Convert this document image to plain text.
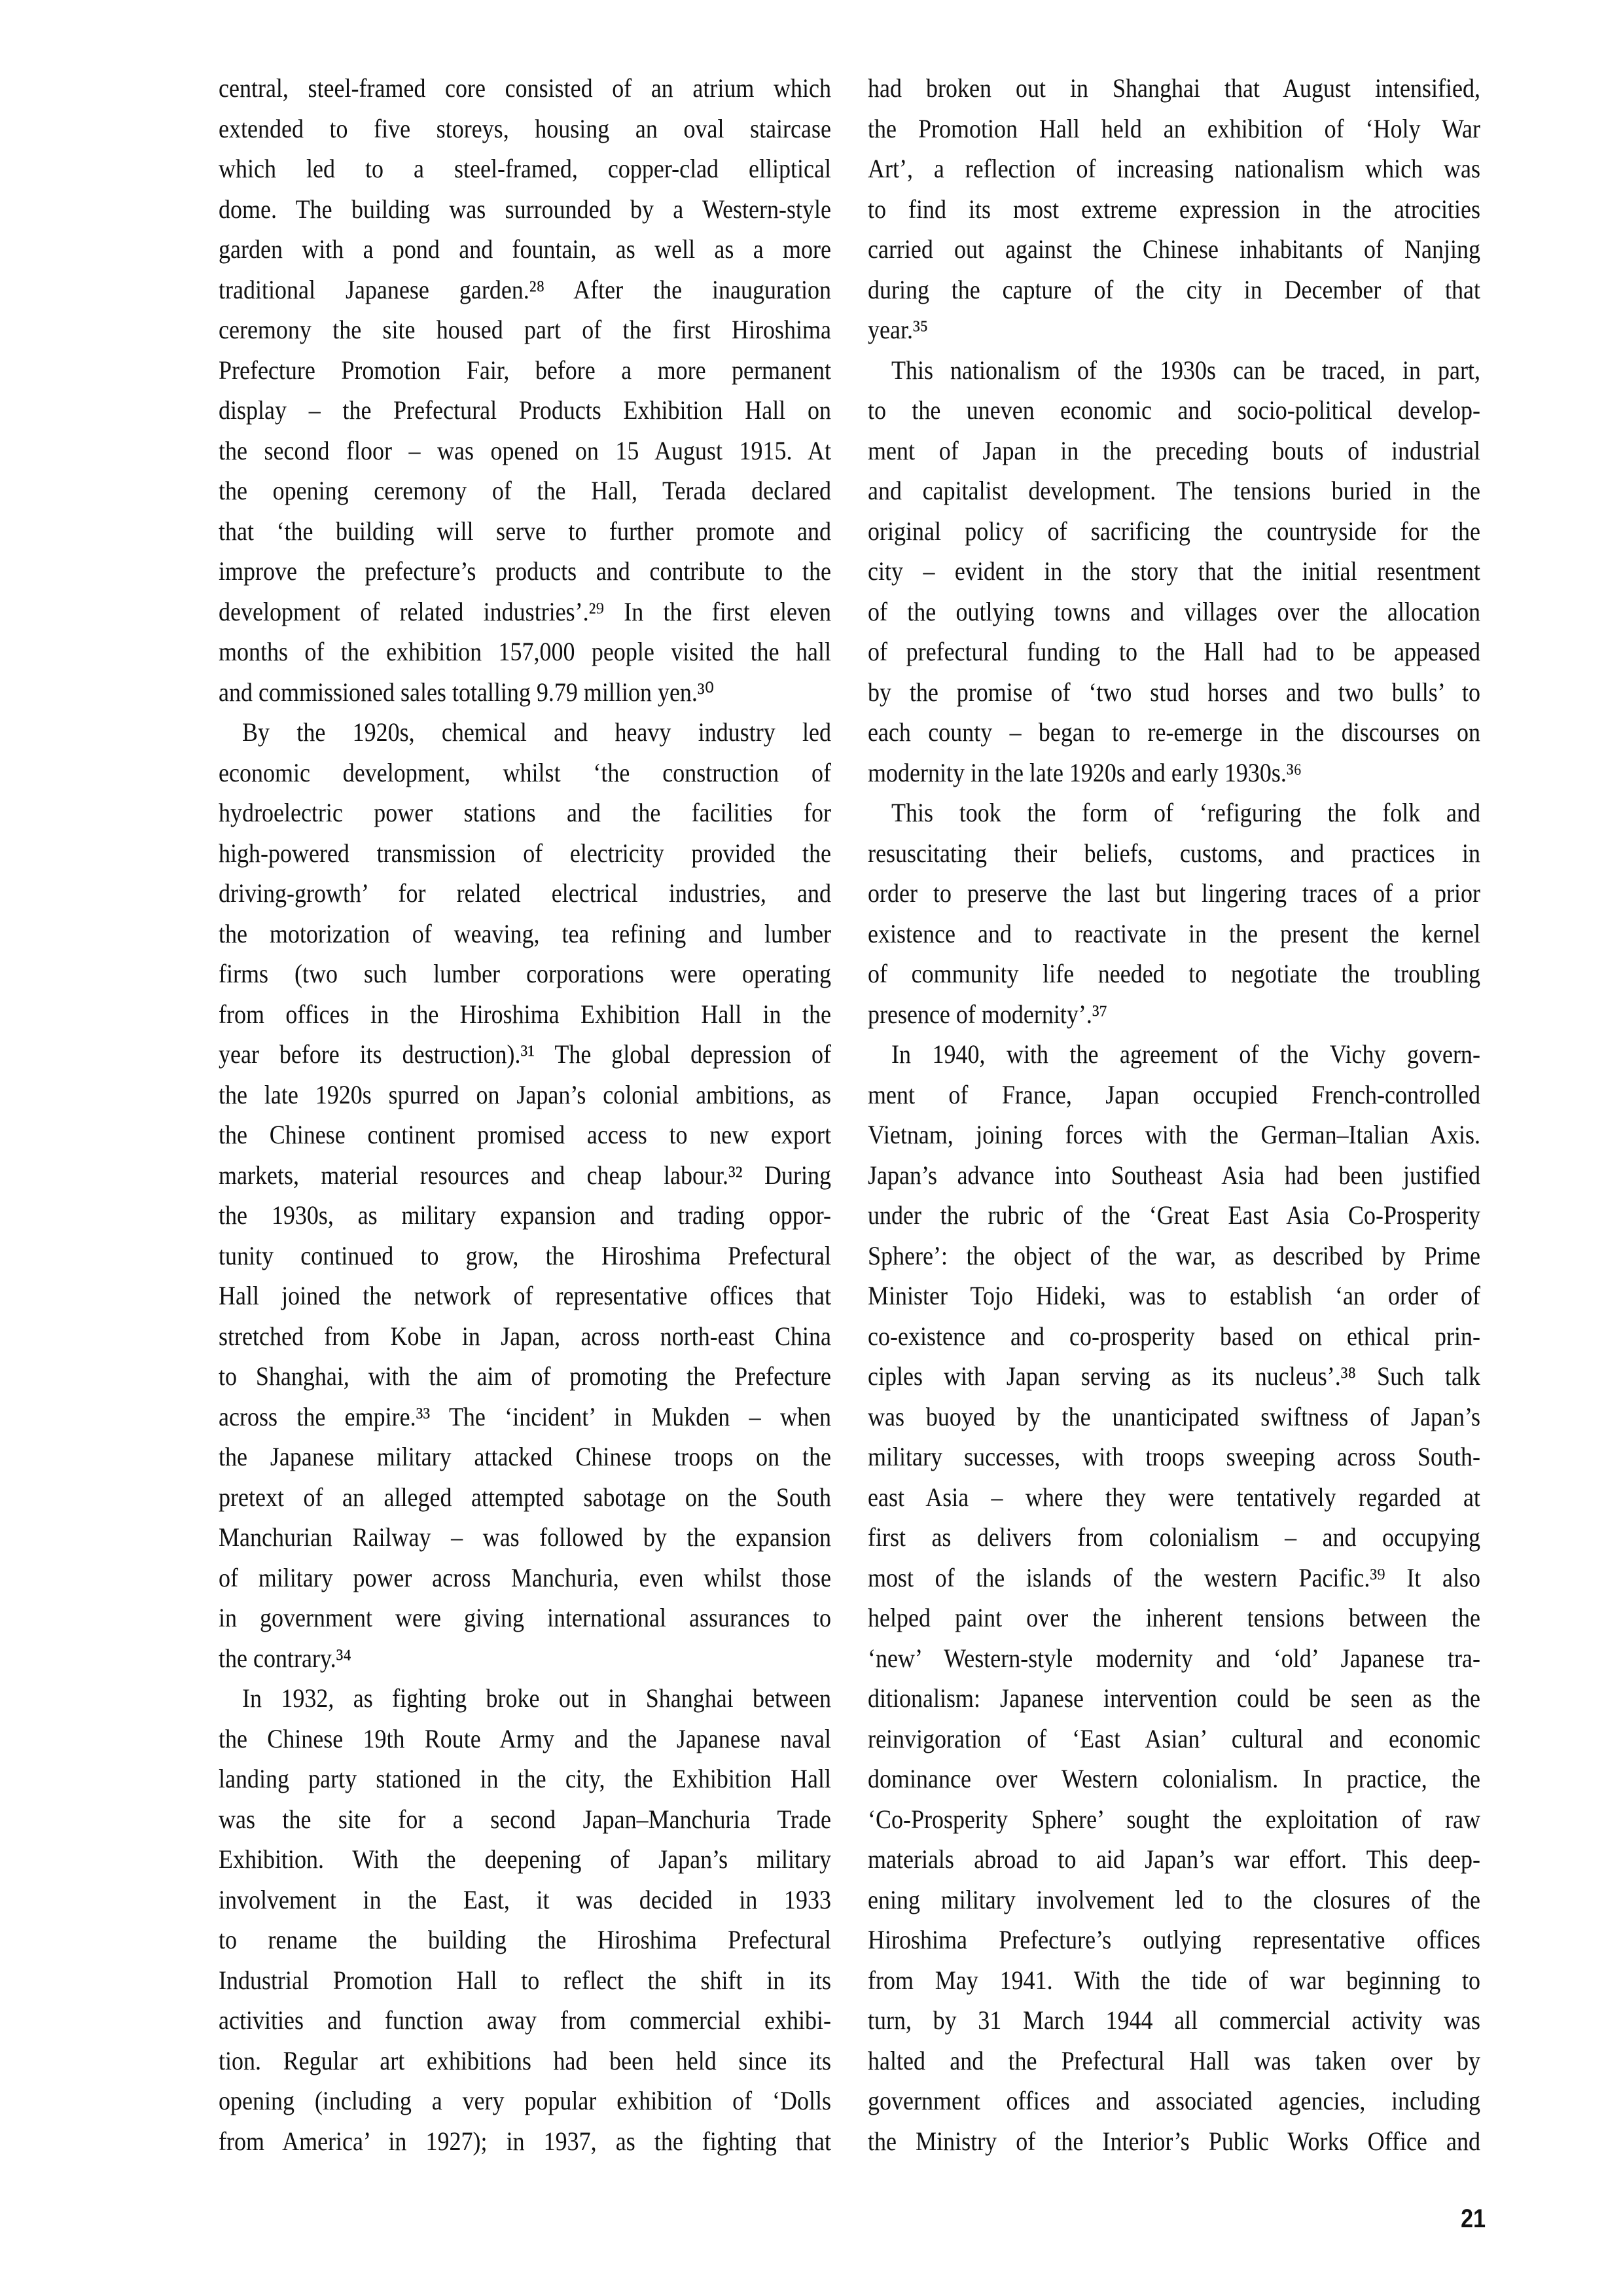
central, steel-framed core consisted of an atrium which
extended to five storeys, housing an oval staircase
which led to a steel-framed, copper-clad elliptical
dome. The building was surrounded by a Western-style
garden with a pond and fountain, as well as a more
traditional Japanese garden.²⁸ After the inauguration
ceremony the site housed part of the first Hiroshima
Prefecture Promotion Fair, before a more permanent
display – the Prefectural Products Exhibition Hall on
the second floor – was opened on 15 August 1915. At
the opening ceremony of the Hall, Terada declared
that ‘the building will serve to further promote and
improve the prefecture’s products and contribute to the
development of related industries’.²⁹ In the first eleven
months of the exhibition 157,000 people visited the hall
and commissioned sales totalling 9.79 million yen.³⁰
By the 1920s, chemical and heavy industry led
economic development, whilst ‘the construction of
hydroelectric power stations and the facilities for
high-powered transmission of electricity provided the
driving-growth’ for related electrical industries, and
the motorization of weaving, tea refining and lumber
firms (two such lumber corporations were operating
from offices in the Hiroshima Exhibition Hall in the
year before its destruction).³¹ The global depression of
the late 1920s spurred on Japan’s colonial ambitions, as
the Chinese continent promised access to new export
markets, material resources and cheap labour.³² During
the 1930s, as military expansion and trading oppor-
tunity continued to grow, the Hiroshima Prefectural
Hall joined the network of representative offices that
stretched from Kobe in Japan, across north-east China
to Shanghai, with the aim of promoting the Prefecture
across the empire.³³ The ‘incident’ in Mukden – when
the Japanese military attacked Chinese troops on the
pretext of an alleged attempted sabotage on the South
Manchurian Railway – was followed by the expansion
of military power across Manchuria, even whilst those
in government were giving international assurances to
the contrary.³⁴
In 1932, as fighting broke out in Shanghai between
the Chinese 19th Route Army and the Japanese naval
landing party stationed in the city, the Exhibition Hall
was the site for a second Japan–Manchuria Trade
Exhibition. With the deepening of Japan’s military
involvement in the East, it was decided in 1933
to rename the building the Hiroshima Prefectural
Industrial Promotion Hall to reflect the shift in its
activities and function away from commercial exhibi-
tion. Regular art exhibitions had been held since its
opening (including a very popular exhibition of ‘Dolls
from America’ in 1927); in 1937, as the fighting that
had broken out in Shanghai that August intensified,
the Promotion Hall held an exhibition of ‘Holy War
Art’, a reflection of increasing nationalism which was
to find its most extreme expression in the atrocities
carried out against the Chinese inhabitants of Nanjing
during the capture of the city in December of that
year.³⁵
This nationalism of the 1930s can be traced, in part,
to the uneven economic and socio-political develop-
ment of Japan in the preceding bouts of industrial
and capitalist development. The tensions buried in the
original policy of sacrificing the countryside for the
city – evident in the story that the initial resentment
of the outlying towns and villages over the allocation
of prefectural funding to the Hall had to be appeased
by the promise of ‘two stud horses and two bulls’ to
each county – began to re-emerge in the discourses on
modernity in the late 1920s and early 1930s.³⁶
This took the form of ‘refiguring the folk and
resuscitating their beliefs, customs, and practices in
order to preserve the last but lingering traces of a prior
existence and to reactivate in the present the kernel
of community life needed to negotiate the troubling
presence of modernity’.³⁷
In 1940, with the agreement of the Vichy govern-
ment of France, Japan occupied French-controlled
Vietnam, joining forces with the German–Italian Axis.
Japan’s advance into Southeast Asia had been justified
under the rubric of the ‘Great East Asia Co-Prosperity
Sphere’: the object of the war, as described by Prime
Minister Tojo Hideki, was to establish ‘an order of
co-existence and co-prosperity based on ethical prin-
ciples with Japan serving as its nucleus’.³⁸ Such talk
was buoyed by the unanticipated swiftness of Japan’s
military successes, with troops sweeping across South-
east Asia – where they were tentatively regarded at
first as delivers from colonialism – and occupying
most of the islands of the western Pacific.³⁹ It also
helped paint over the inherent tensions between the
‘new’ Western-style modernity and ‘old’ Japanese tra-
ditionalism: Japanese intervention could be seen as the
reinvigoration of ‘East Asian’ cultural and economic
dominance over Western colonialism. In practice, the
‘Co-Prosperity Sphere’ sought the exploitation of raw
materials abroad to aid Japan’s war effort. This deep-
ening military involvement led to the closures of the
Hiroshima Prefecture’s outlying representative offices
from May 1941. With the tide of war beginning to
turn, by 31 March 1944 all commercial activity was
halted and the Prefectural Hall was taken over by
government offices and associated agencies, including
the Ministry of the Interior’s Public Works Office and
21
